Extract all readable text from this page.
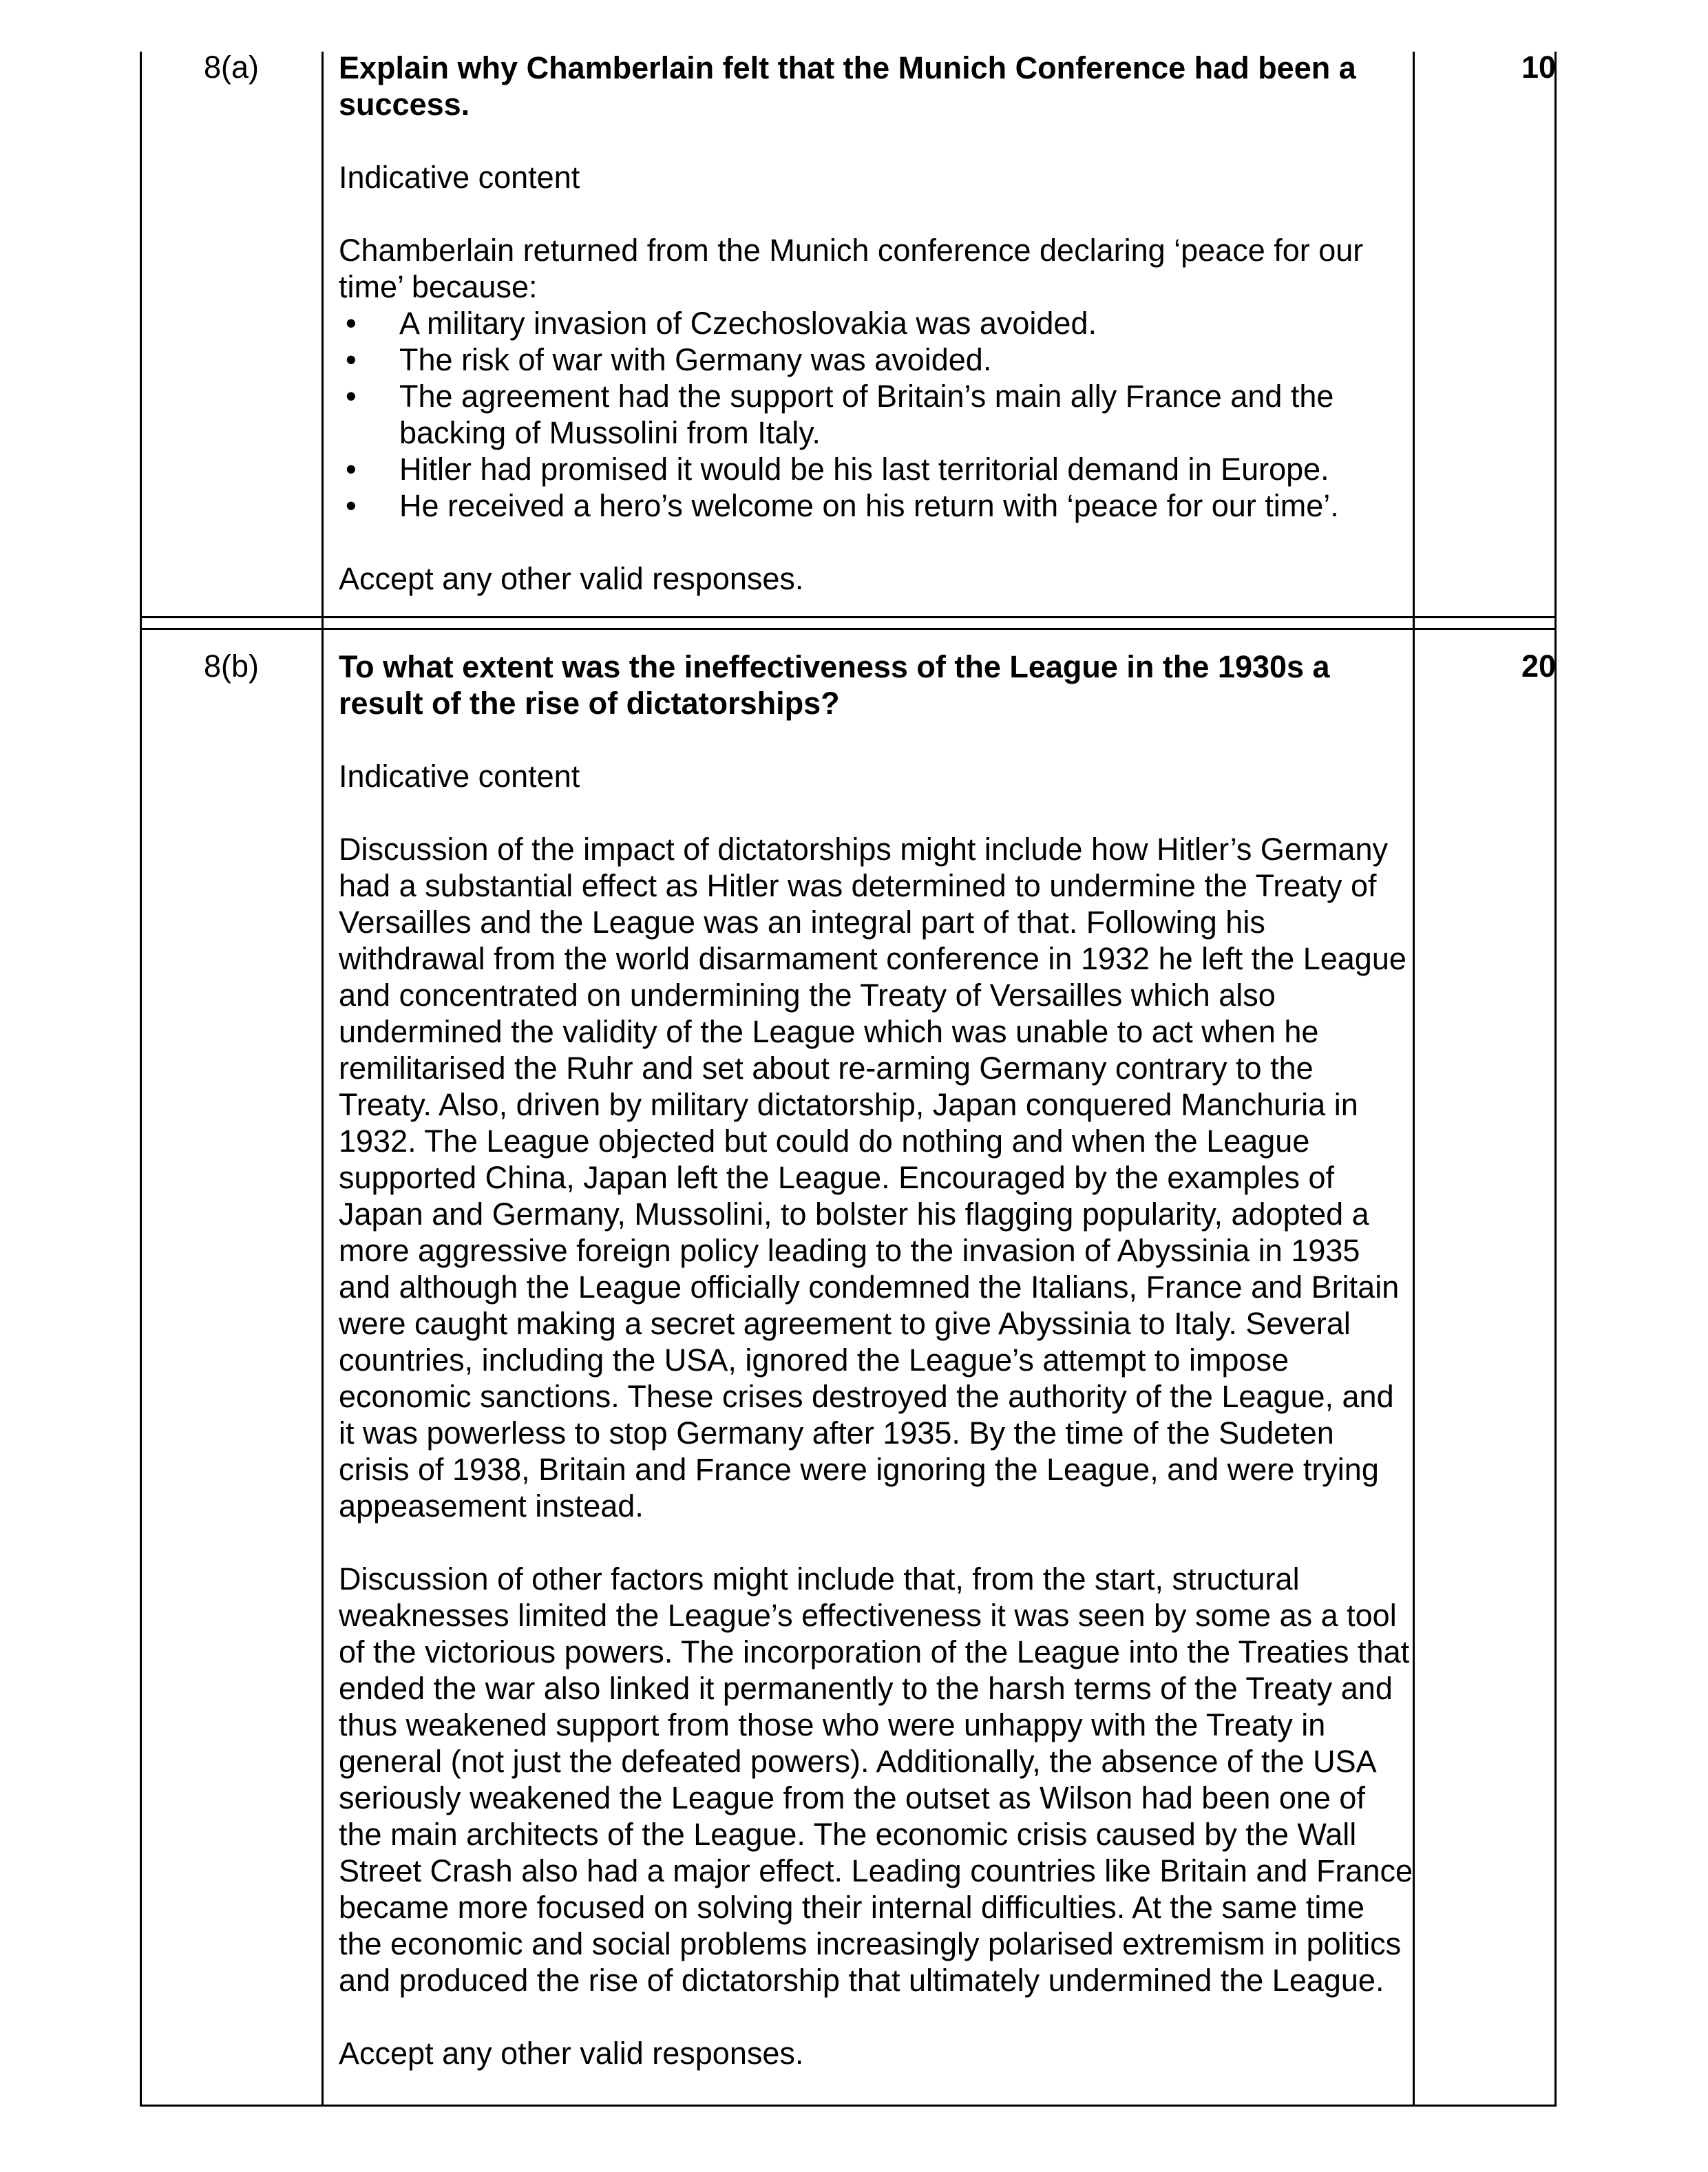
8(a)	Explain why Chamberlain felt that the Munich Conference had been a success.

Indicative content

Chamberlain returned from the Munich conference declaring ‘peace for our time’ because:

• A military invasion of Czechoslovakia was avoided.
• The risk of war with Germany was avoided.
• The agreement had the support of Britain’s main ally France and the backing of Mussolini from Italy.
• Hitler had promised it would be his last territorial demand in Europe.
• He received a hero’s welcome on his return with ‘peace for our time’.

Accept any other valid responses.

10
8(b)	To what extent was the ineffectiveness of the League in the 1930s a result of the rise of dictatorships?

Indicative content

Discussion of the impact of dictatorships might include how Hitler’s Germany had a substantial effect as Hitler was determined to undermine the Treaty of Versailles and the League was an integral part of that. Following his withdrawal from the world disarmament conference in 1932 he left the League and concentrated on undermining the Treaty of Versailles which also undermined the validity of the League which was unable to act when he remilitarised the Ruhr and set about re-arming Germany contrary to the Treaty. Also, driven by military dictatorship, Japan conquered Manchuria in 1932. The League objected but could do nothing and when the League supported China, Japan left the League. Encouraged by the examples of Japan and Germany, Mussolini, to bolster his flagging popularity, adopted a more aggressive foreign policy leading to the invasion of Abyssinia in 1935 and although the League officially condemned the Italians, France and Britain were caught making a secret agreement to give Abyssinia to Italy. Several countries, including the USA, ignored the League’s attempt to impose economic sanctions. These crises destroyed the authority of the League, and it was powerless to stop Germany after 1935. By the time of the Sudeten crisis of 1938, Britain and France were ignoring the League, and were trying appeasement instead.

Discussion of other factors might include that, from the start, structural weaknesses limited the League’s effectiveness it was seen by some as a tool of the victorious powers. The incorporation of the League into the Treaties that ended the war also linked it permanently to the harsh terms of the Treaty and thus weakened support from those who were unhappy with the Treaty in general (not just the defeated powers). Additionally, the absence of the USA seriously weakened the League from the outset as Wilson had been one of the main architects of the League. The economic crisis caused by the Wall Street Crash also had a major effect. Leading countries like Britain and France became more focused on solving their internal difficulties. At the same time the economic and social problems increasingly polarised extremism in politics and produced the rise of dictatorship that ultimately undermined the League.

Accept any other valid responses.

20
